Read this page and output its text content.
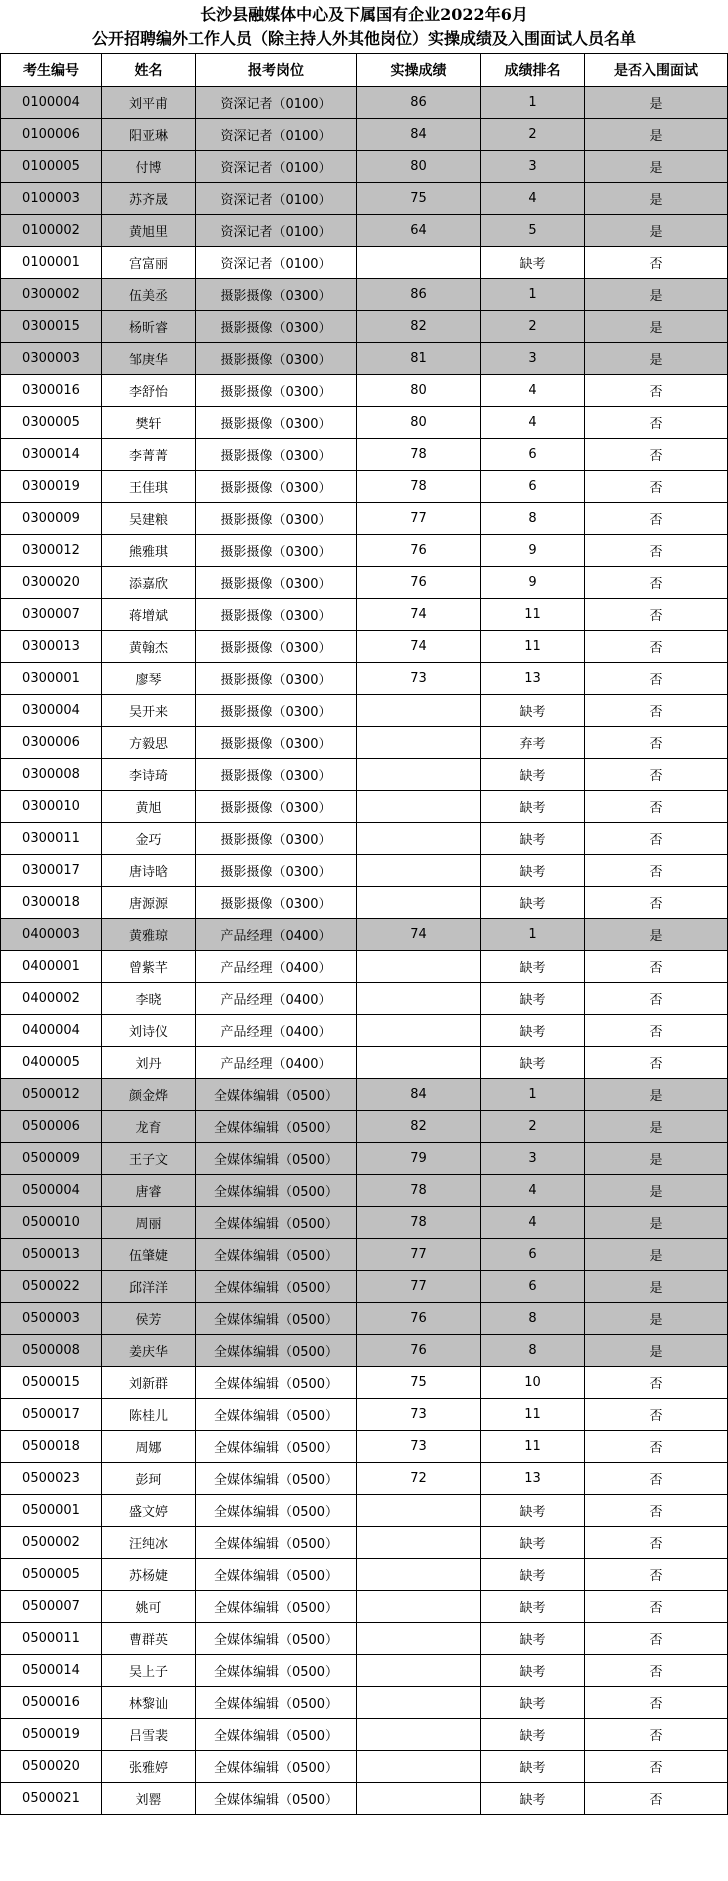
长沙县融媒体中心及下属国有企业2022年6月
公开招聘编外工作人员（除主持人外其他岗位）实操成绩及入围面试人员名单
考生编号	姓名	报考岗位	实操成绩	成绩排名	是否入围面试
0100004	刘平甫	资深记者（0100）	86	1	是
0100006	阳亚琳	资深记者（0100）	84	2	是
0100005	付博	资深记者（0100）	80	3	是
0100003	苏齐晟	资深记者（0100）	75	4	是
0100002	黄旭里	资深记者（0100）	64	5	是
0100001	宫富丽	资深记者（0100）		缺考	否
0300002	伍美丞	摄影摄像（0300）	86	1	是
0300015	杨昕睿	摄影摄像（0300）	82	2	是
0300003	邹庚华	摄影摄像（0300）	81	3	是
0300016	李舒怡	摄影摄像（0300）	80	4	否
0300005	樊轩	摄影摄像（0300）	80	4	否
0300014	李菁菁	摄影摄像（0300）	78	6	否
0300019	王佳琪	摄影摄像（0300）	78	6	否
0300009	吴建粮	摄影摄像（0300）	77	8	否
0300012	熊雅琪	摄影摄像（0300）	76	9	否
0300020	添嘉欣	摄影摄像（0300）	76	9	否
0300007	蒋增斌	摄影摄像（0300）	74	11	否
0300013	黄翰杰	摄影摄像（0300）	74	11	否
0300001	廖琴	摄影摄像（0300）	73	13	否
0300004	吴开来	摄影摄像（0300）		缺考	否
0300006	方毅思	摄影摄像（0300）		弃考	否
0300008	李诗琦	摄影摄像（0300）		缺考	否
0300010	黄旭	摄影摄像（0300）		缺考	否
0300011	金巧	摄影摄像（0300）		缺考	否
0300017	唐诗晗	摄影摄像（0300）		缺考	否
0300018	唐源源	摄影摄像（0300）		缺考	否
0400003	黄雅琼	产品经理（0400）	74	1	是
0400001	曾紫芊	产品经理（0400）		缺考	否
0400002	李晓	产品经理（0400）		缺考	否
0400004	刘诗仪	产品经理（0400）		缺考	否
0400005	刘丹	产品经理（0400）		缺考	否
0500012	颜金烨	全媒体编辑（0500）	84	1	是
0500006	龙育	全媒体编辑（0500）	82	2	是
0500009	王子文	全媒体编辑（0500）	79	3	是
0500004	唐睿	全媒体编辑（0500）	78	4	是
0500010	周丽	全媒体编辑（0500）	78	4	是
0500013	伍肇婕	全媒体编辑（0500）	77	6	是
0500022	邱洋洋	全媒体编辑（0500）	77	6	是
0500003	侯芳	全媒体编辑（0500）	76	8	是
0500008	姜庆华	全媒体编辑（0500）	76	8	是
0500015	刘新群	全媒体编辑（0500）	75	10	否
0500017	陈桂儿	全媒体编辑（0500）	73	11	否
0500018	周娜	全媒体编辑（0500）	73	11	否
0500023	彭珂	全媒体编辑（0500）	72	13	否
0500001	盛文婷	全媒体编辑（0500）		缺考	否
0500002	汪纯冰	全媒体编辑（0500）		缺考	否
0500005	苏杨婕	全媒体编辑（0500）		缺考	否
0500007	姚可	全媒体编辑（0500）		缺考	否
0500011	曹群英	全媒体编辑（0500）		缺考	否
0500014	吴上子	全媒体编辑（0500）		缺考	否
0500016	林黎讪	全媒体编辑（0500）		缺考	否
0500019	吕雪裴	全媒体编辑（0500）		缺考	否
0500020	张雅婷	全媒体编辑（0500）		缺考	否
0500021	刘罂	全媒体编辑（0500）		缺考	否
